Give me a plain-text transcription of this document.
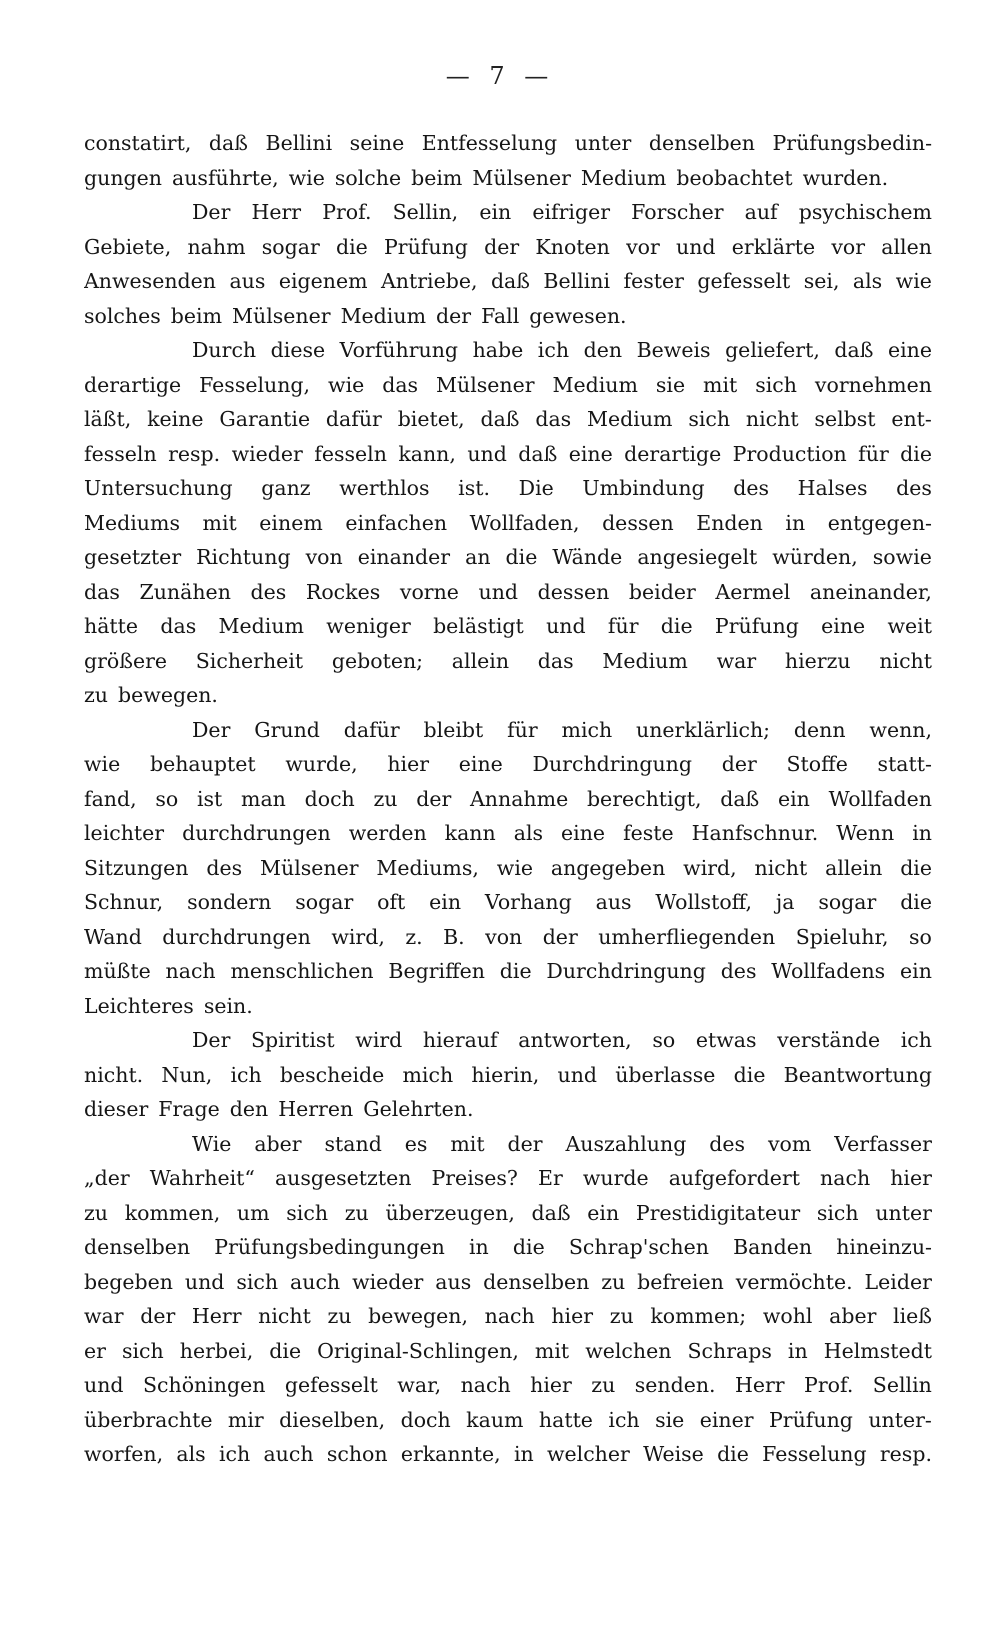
— 7 —
constatirt, daß Bellini seine Entfesselung unter denselben Prüfungsbedin-
gungen ausführte, wie solche beim Mülsener Medium beobachtet wurden.
Der Herr Prof. Sellin, ein eifriger Forscher auf psychischem
Gebiete, nahm sogar die Prüfung der Knoten vor und erklärte vor allen
Anwesenden aus eigenem Antriebe, daß Bellini fester gefesselt sei, als wie
solches beim Mülsener Medium der Fall gewesen.
Durch diese Vorführung habe ich den Beweis geliefert, daß eine
derartige Fesselung, wie das Mülsener Medium sie mit sich vornehmen
läßt, keine Garantie dafür bietet, daß das Medium sich nicht selbst ent-
fesseln resp. wieder fesseln kann, und daß eine derartige Production für die
Untersuchung ganz werthlos ist. Die Umbindung des Halses des
Mediums mit einem einfachen Wollfaden, dessen Enden in entgegen-
gesetzter Richtung von einander an die Wände angesiegelt würden, sowie
das Zunähen des Rockes vorne und dessen beider Aermel aneinander,
hätte das Medium weniger belästigt und für die Prüfung eine weit
größere Sicherheit geboten; allein das Medium war hierzu nicht
zu bewegen.
Der Grund dafür bleibt für mich unerklärlich; denn wenn,
wie behauptet wurde, hier eine Durchdringung der Stoffe statt-
fand, so ist man doch zu der Annahme berechtigt, daß ein Wollfaden
leichter durchdrungen werden kann als eine feste Hanfschnur. Wenn in
Sitzungen des Mülsener Mediums, wie angegeben wird, nicht allein die
Schnur, sondern sogar oft ein Vorhang aus Wollstoff, ja sogar die
Wand durchdrungen wird, z. B. von der umherfliegenden Spieluhr, so
müßte nach menschlichen Begriffen die Durchdringung des Wollfadens ein
Leichteres sein.
Der Spiritist wird hierauf antworten, so etwas verstände ich
nicht. Nun, ich bescheide mich hierin, und überlasse die Beantwortung
dieser Frage den Herren Gelehrten.
Wie aber stand es mit der Auszahlung des vom Verfasser
„der Wahrheit“ ausgesetzten Preises? Er wurde aufgefordert nach hier
zu kommen, um sich zu überzeugen, daß ein Prestidigitateur sich unter
denselben Prüfungsbedingungen in die Schrap'schen Banden hineinzu-
begeben und sich auch wieder aus denselben zu befreien vermöchte. Leider
war der Herr nicht zu bewegen, nach hier zu kommen; wohl aber ließ
er sich herbei, die Original-Schlingen, mit welchen Schraps in Helmstedt
und Schöningen gefesselt war, nach hier zu senden. Herr Prof. Sellin
überbrachte mir dieselben, doch kaum hatte ich sie einer Prüfung unter-
worfen, als ich auch schon erkannte, in welcher Weise die Fesselung resp.
